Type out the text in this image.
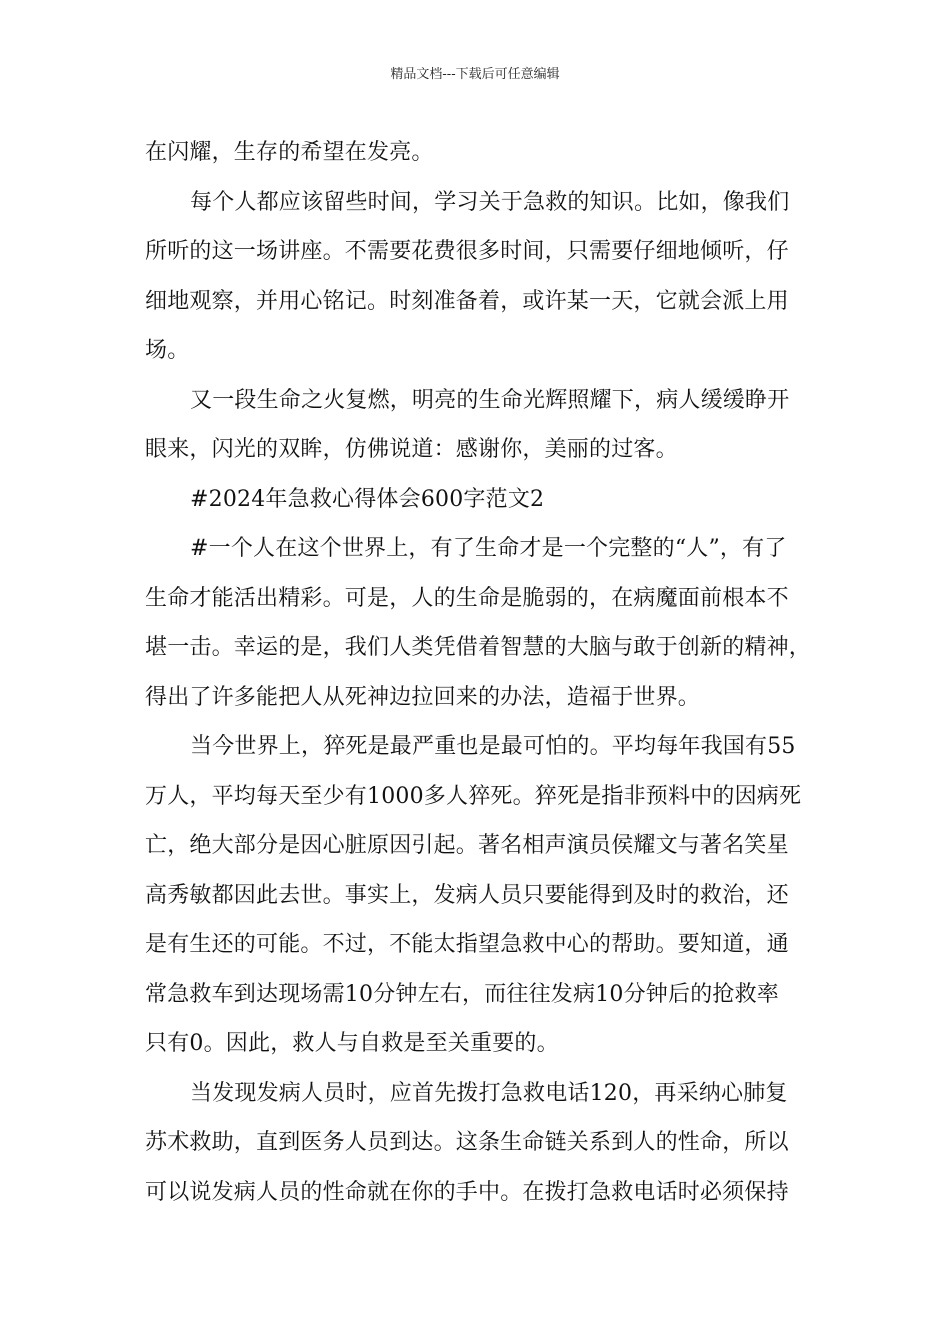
精品文档---下载后可任意编辑

在闪耀，生存的希望在发亮。

每个人都应该留些时间，学习关于急救的知识。比如，像我们
所听的这一场讲座。不需要花费很多时间，只需要仔细地倾听，仔
细地观察，并用心铭记。时刻准备着，或许某一天，它就会派上用
场。

又一段生命之火复燃，明亮的生命光辉照耀下，病人缓缓睁开
眼来，闪光的双眸，仿佛说道：感谢你，美丽的过客。

#2024年急救心得体会600字范文2

#一个人在这个世界上，有了生命才是一个完整的“人”，有了
生命才能活出精彩。可是，人的生命是脆弱的，在病魔面前根本不
堪一击。幸运的是，我们人类凭借着智慧的大脑与敢于创新的精神，
得出了许多能把人从死神边拉回来的办法，造福于世界。

当今世界上，猝死是最严重也是最可怕的。平均每年我国有55
万人，平均每天至少有1000多人猝死。猝死是指非预料中的因病死
亡，绝大部分是因心脏原因引起。著名相声演员侯耀文与著名笑星
高秀敏都因此去世。事实上，发病人员只要能得到及时的救治，还
是有生还的可能。不过，不能太指望急救中心的帮助。要知道，通
常急救车到达现场需10分钟左右，而往往发病10分钟后的抢救率
只有0。因此，救人与自救是至关重要的。

当发现发病人员时，应首先拨打急救电话120，再采纳心肺复
苏术救助，直到医务人员到达。这条生命链关系到人的性命，所以
可以说发病人员的性命就在你的手中。在拨打急救电话时必须保持
